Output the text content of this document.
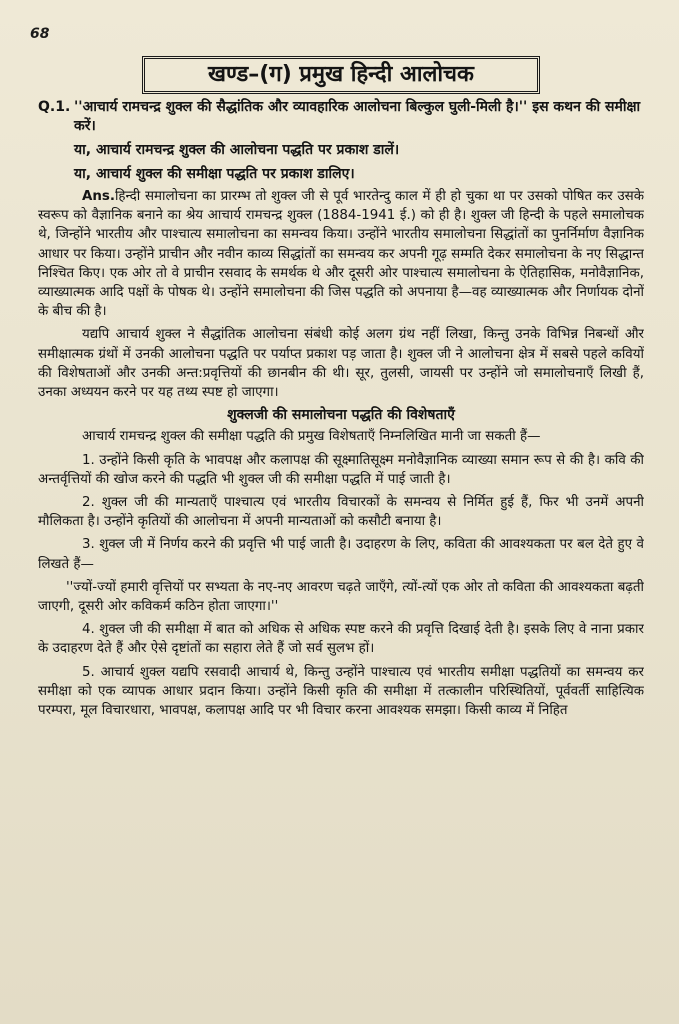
68
खण्ड–(ग) प्रमुख हिन्दी आलोचक
Q.1. ''आचार्य रामचन्द्र शुक्ल की सैद्धांतिक और व्यावहारिक आलोचना बिल्कुल घुली-मिली है।'' इस कथन की समीक्षा करें।
या, आचार्य रामचन्द्र शुक्ल की आलोचना पद्धति पर प्रकाश डालें।
या, आचार्य शुक्ल की समीक्षा पद्धति पर प्रकाश डालिए।

Ans.हिन्दी समालोचना का प्रारम्भ तो शुक्ल जी से पूर्व भारतेन्दु काल में ही हो चुका था पर उसको पोषित कर उसके स्वरूप को वैज्ञानिक बनाने का श्रेय आचार्य रामचन्द्र शुक्ल (1884-1941 ई.) को ही है। शुक्ल जी हिन्दी के पहले समालोचक थे, जिन्होंने भारतीय और पाश्चात्य समालोचना का समन्वय किया। उन्होंने भारतीय समालोचना सिद्धांतों का पुनर्निर्माण वैज्ञानिक आधार पर किया। उन्होंने प्राचीन और नवीन काव्य सिद्धांतों का समन्वय कर अपनी गूढ़ सम्मति देकर समालोचना के नए सिद्धान्त निश्चित किए। एक ओर तो वे प्राचीन रसवाद के समर्थक थे और दूसरी ओर पाश्चात्य समालोचना के ऐतिहासिक, मनोवैज्ञानिक, व्याख्यात्मक आदि पक्षों के पोषक थे। उन्होंने समालोचना की जिस पद्धति को अपनाया है—वह व्याख्यात्मक और निर्णायक दोनों के बीच की है।

यद्यपि आचार्य शुक्ल ने सैद्धांतिक आलोचना संबंधी कोई अलग ग्रंथ नहीं लिखा, किन्तु उनके विभिन्न निबन्धों और समीक्षात्मक ग्रंथों में उनकी आलोचना पद्धति पर पर्याप्त प्रकाश पड़ जाता है। शुक्ल जी ने आलोचना क्षेत्र में सबसे पहले कवियों की विशेषताओं और उनकी अन्त:प्रवृत्तियों की छानबीन की थी। सूर, तुलसी, जायसी पर उन्होंने जो समालोचनाएँ लिखी हैं, उनका अध्ययन करने पर यह तथ्य स्पष्ट हो जाएगा।

शुक्लजी की समालोचना पद्धति की विशेषताएँ

आचार्य रामचन्द्र शुक्ल की समीक्षा पद्धति की प्रमुख विशेषताएँ निम्नलिखित मानी जा सकती हैं—

1. उन्होंने किसी कृति के भावपक्ष और कलापक्ष की सूक्ष्मातिसूक्ष्म मनोवैज्ञानिक व्याख्या समान रूप से की है। कवि की अन्तर्वृत्तियों की खोज करने की पद्धति भी शुक्ल जी की समीक्षा पद्धति में पाई जाती है।

2. शुक्ल जी की मान्यताएँ पाश्चात्य एवं भारतीय विचारकों के समन्वय से निर्मित हुई हैं, फिर भी उनमें अपनी मौलिकता है। उन्होंने कृतियों की आलोचना में अपनी मान्यताओं को कसौटी बनाया है।

3. शुक्ल जी में निर्णय करने की प्रवृत्ति भी पाई जाती है। उदाहरण के लिए, कविता की आवश्यकता पर बल देते हुए वे लिखते हैं—

''ज्यों-ज्यों हमारी वृत्तियों पर सभ्यता के नए-नए आवरण चढ़ते जाएँगे, त्यों-त्यों एक ओर तो कविता की आवश्यकता बढ़ती जाएगी, दूसरी ओर कविकर्म कठिन होता जाएगा।''

4. शुक्ल जी की समीक्षा में बात को अधिक से अधिक स्पष्ट करने की प्रवृत्ति दिखाई देती है। इसके लिए वे नाना प्रकार के उदाहरण देते हैं और ऐसे दृष्टांतों का सहारा लेते हैं जो सर्व सुलभ हों।

5. आचार्य शुक्ल यद्यपि रसवादी आचार्य थे, किन्तु उन्होंने पाश्चात्य एवं भारतीय समीक्षा पद्धतियों का समन्वय कर समीक्षा को एक व्यापक आधार प्रदान किया। उन्होंने किसी कृति की समीक्षा में तत्कालीन परिस्थितियों, पूर्ववर्ती साहित्यिक परम्परा, मूल विचारधारा, भावपक्ष, कलापक्ष आदि पर भी विचार करना आवश्यक समझा। किसी काव्य में निहित
